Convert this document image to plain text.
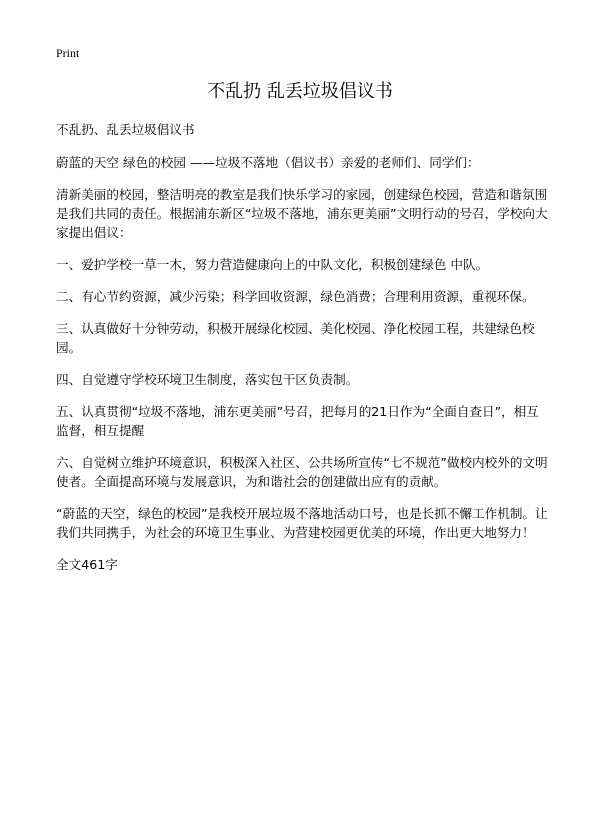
Print
不乱扔 乱丢垃圾倡议书

不乱扔、乱丢垃圾倡议书

蔚蓝的天空 绿色的校园 ——垃圾不落地（倡议书）亲爱的老师们、同学们：

清新美丽的校园，整洁明亮的教室是我们快乐学习的家园，创建绿色校园，营造和谐氛围是我们共同的责任。根据浦东新区“垃圾不落地，浦东更美丽”文明行动的号召，学校向大家提出倡议：

一、爱护学校一草一木，努力营造健康向上的中队文化，积极创建绿色 中队。

二、有心节约资源，减少污染；科学回收资源，绿色消费；合理利用资源，重视环保。

三、认真做好十分钟劳动，积极开展绿化校园、美化校园、净化校园工程，共建绿色校园。

四、自觉遵守学校环境卫生制度，落实包干区负责制。

五、认真贯彻“垃圾不落地，浦东更美丽”号召，把每月的21日作为“全面自查日”，相互监督，相互提醒

六、自觉树立维护环境意识，积极深入社区、公共场所宣传“七不规范”做校内校外的文明使者。全面提高环境与发展意识，为和谐社会的创建做出应有的贡献。

“蔚蓝的天空，绿色的校园”是我校开展垃圾不落地活动口号，也是长抓不懈工作机制。让我们共同携手，为社会的环境卫生事业、为营建校园更优美的环境，作出更大地努力！

全文461字
